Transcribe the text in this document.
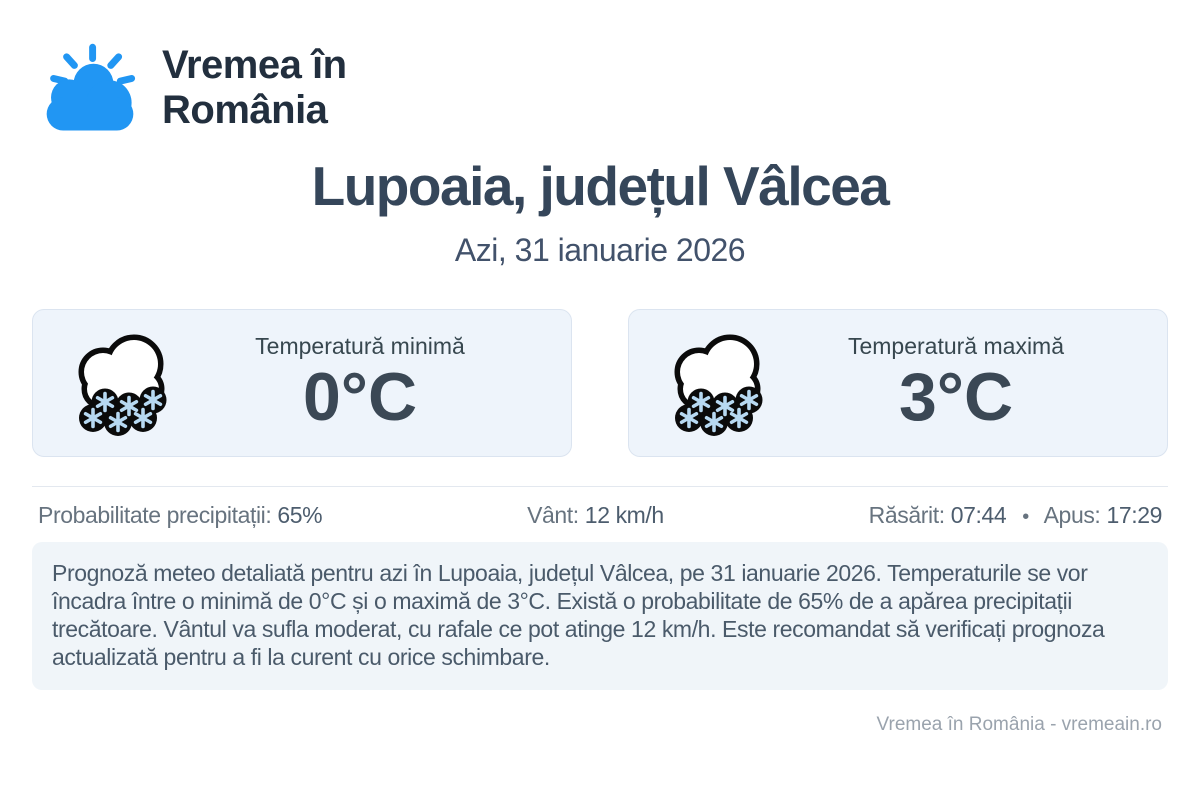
Vremea în
România
Lupoaia, județul Vâlcea
Azi, 31 ianuarie 2026
Temperatură minimă
0°C
Temperatură maximă
3°C
Probabilitate precipitații: 65%	Vânt: 12 km/h	Răsărit: 07:44 • Apus: 17:29

Prognoză meteo detaliată pentru azi în Lupoaia, județul Vâlcea, pe 31 ianuarie 2026. Temperaturile se vor încadra între o minimă de 0°C și o maximă de 3°C. Există o probabilitate de 65% de a apărea precipitații trecătoare. Vântul va sufla moderat, cu rafale ce pot atinge 12 km/h. Este recomandat să verificați prognoza actualizată pentru a fi la curent cu orice schimbare.

Vremea în România - vremeain.ro
